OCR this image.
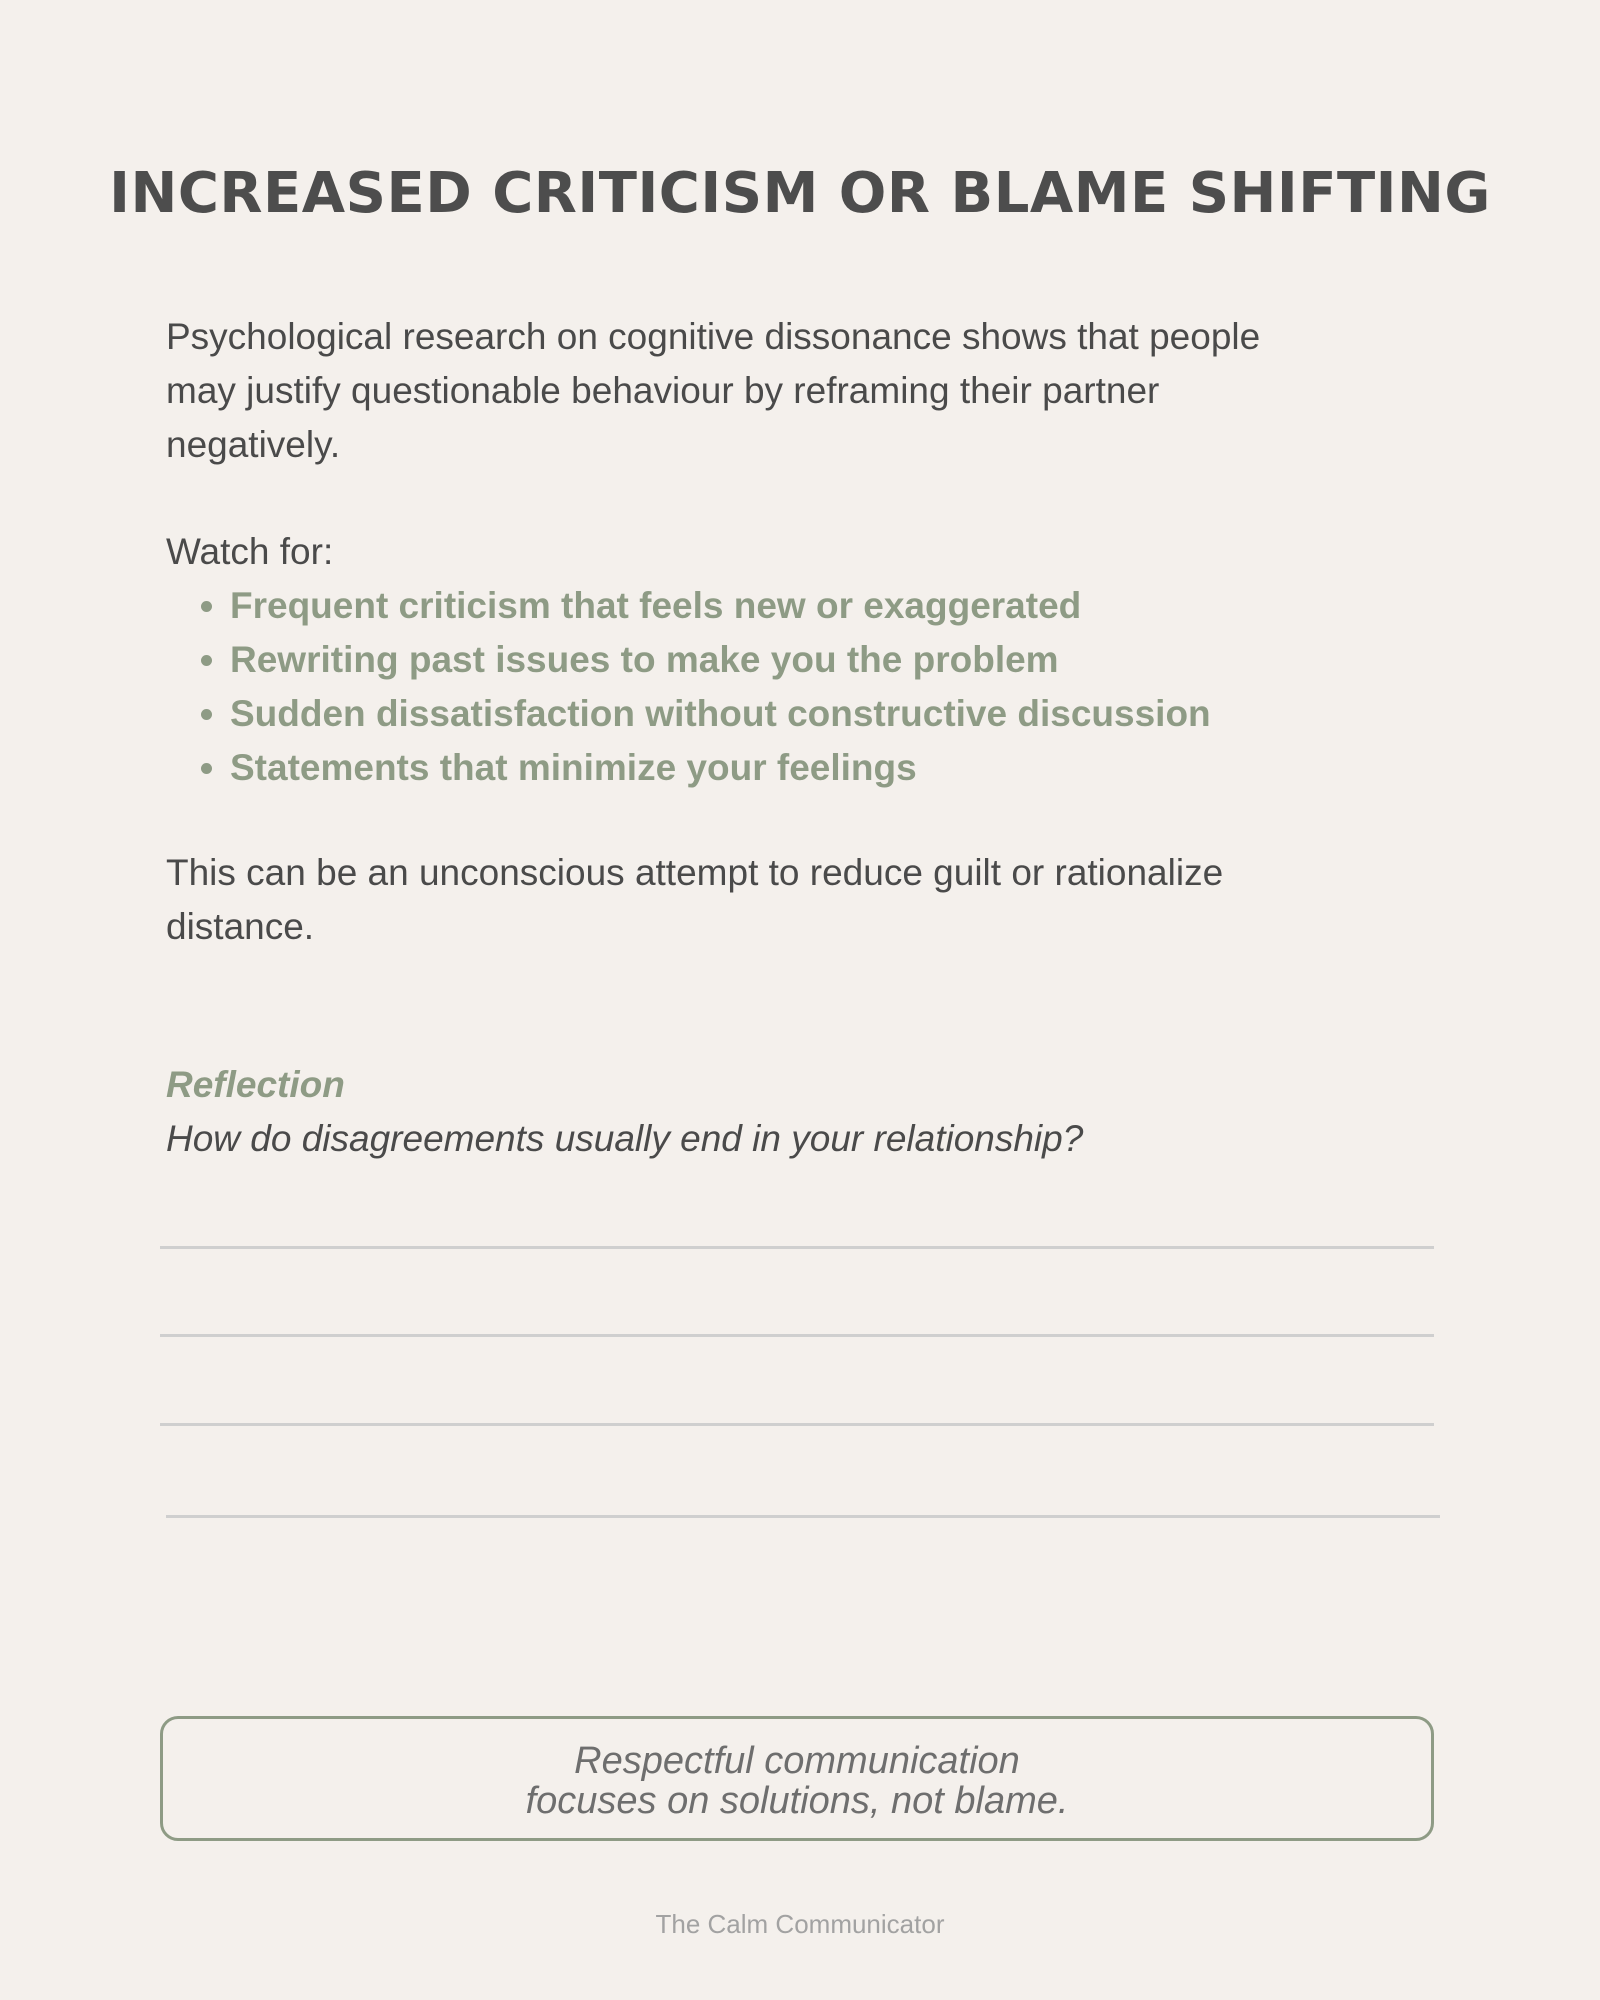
INCREASED CRITICISM OR BLAME SHIFTING
Psychological research on cognitive dissonance shows that people
may justify questionable behaviour by reframing their partner
negatively.
Watch for:
• Frequent criticism that feels new or exaggerated
• Rewriting past issues to make you the problem
• Sudden dissatisfaction without constructive discussion
• Statements that minimize your feelings
This can be an unconscious attempt to reduce guilt or rationalize
distance.
Reflection
How do disagreements usually end in your relationship?
Respectful communication
focuses on solutions, not blame.
The Calm Communicator
